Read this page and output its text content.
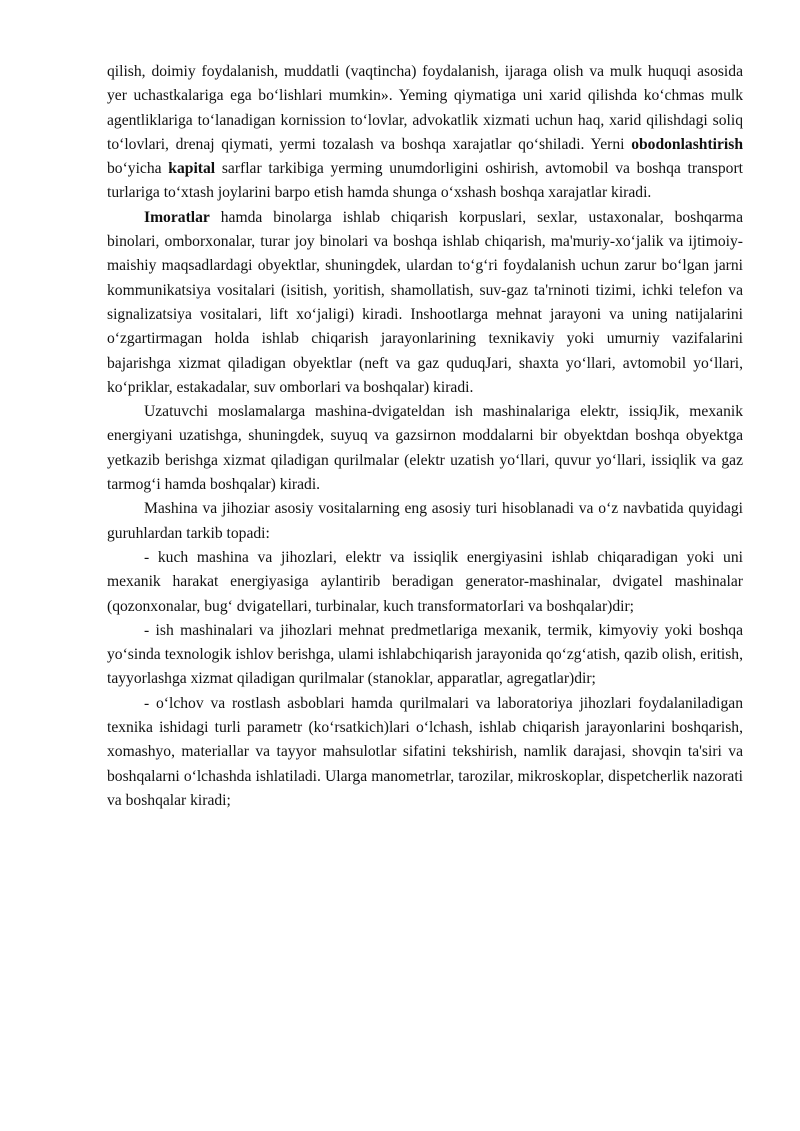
qilish, doimiy foydalanish, muddatli (vaqtincha) foydalanish, ijaraga olish va mulk huquqi asosida yer uchastkalariga ega bo‘lishlari mumkin». Yeming qiymatiga uni xarid qilishda ko‘chmas mulk agentliklariga to‘lanadigan kornission to‘lovlar, advokatlik xizmati uchun haq, xarid qilishdagi soliq to‘lovlari, drenaj qiymati, yermi tozalash va boshqa xarajatlar qo‘shiladi. Yerni obodonlashtirish bo‘yicha kapital sarflar tarkibiga yerming unumdorligini oshirish, avtomobil va boshqa transport turlariga to‘xtash joylarini barpo etish hamda shunga o‘xshash boshqa xarajatlar kiradi.

Imoratlar hamda binolarga ishlab chiqarish korpuslari, sexlar, ustaxonalar, boshqarma binolari, omborxonalar, turar joy binolari va boshqa ishlab chiqarish, ma'muriy-xo‘jalik va ijtimoiy-maishiy maqsadlardagi obyektlar, shuningdek, ulardan to‘g‘ri foydalanish uchun zarur bo‘lgan jarni kommunikatsiya vositalari (isitish, yoritish, shamollatish, suv-gaz ta'rninoti tizimi, ichki telefon va signalizatsiya vositalari, lift xo‘jaligi) kiradi. Inshootlarga mehnat jarayoni va uning natijalarini o‘zgartirmagan holda ishlab chiqarish jarayonlarining texnikaviy yoki umurniy vazifalarini bajarishga xizmat qiladigan obyektlar (neft va gaz quduqJari, shaxta yo‘llari, avtomobil yo‘llari, ko‘priklar, estakadalar, suv omborlari va boshqalar) kiradi.

Uzatuvchi moslamalarga mashina-dvigateldan ish mashinalariga elektr, issiqJik, mexanik energiyani uzatishga, shuningdek, suyuq va gazsirnon moddalarni bir obyektdan boshqa obyektga yetkazib berishga xizmat qiladigan qurilmalar (elektr uzatish yo‘llari, quvur yo‘llari, issiqlik va gaz tarmog‘i hamda boshqalar) kiradi.

Mashina va jihoziar asosiy vositalarning eng asosiy turi hisoblanadi va o‘z navbatida quyidagi guruhlardan tarkib topadi:

- kuch mashina va jihozlari, elektr va issiqlik energiyasini ishlab chiqaradigan yoki uni mexanik harakat energiyasiga aylantirib beradigan generator-mashinalar, dvigatel mashinalar (qozonxonalar, bug‘ dvigatellari, turbinalar, kuch transformatorIari va boshqalar)dir;

- ish mashinalari va jihozlari mehnat predmetlariga mexanik, termik, kimyoviy yoki boshqa yo‘sinda texnologik ishlov berishga, ulami ishlabchiqarish jarayonida qo‘zg‘atish, qazib olish, eritish, tayyorlashga xizmat qiladigan qurilmalar (stanoklar, apparatlar, agregatlar)dir;

- o‘lchov va rostlash asboblari hamda qurilmalari va laboratoriya jihozlari foydalaniladigan texnika ishidagi turli parametr (ko‘rsatkich)lari o‘lchash, ishlab chiqarish jarayonlarini boshqarish, xomashyo, materiallar va tayyor mahsulotlar sifatini tekshirish, namlik darajasi, shovqin ta'siri va boshqalarni o‘lchashda ishlatiladi. Ularga manometrlar, tarozilar, mikroskoplar, dispetcherlik nazorati va boshqalar kiradi;
